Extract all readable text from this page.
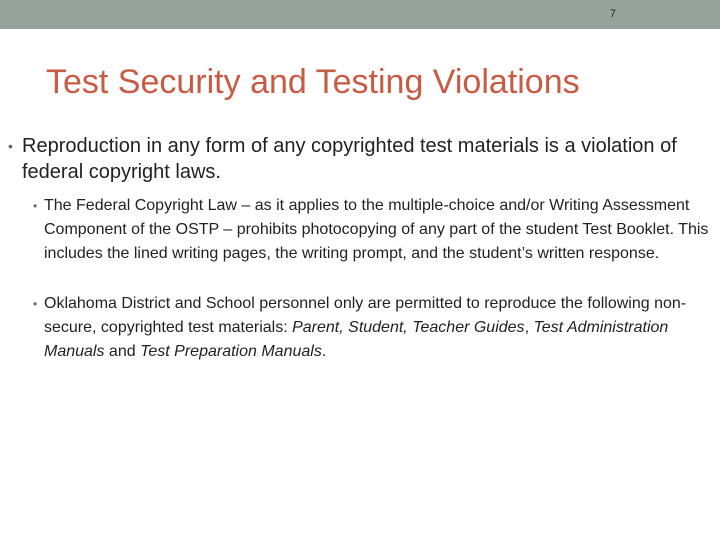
7
Test Security and Testing Violations
• Reproduction in any form of any copyrighted test materials is a violation of federal copyright laws.
• The Federal Copyright Law – as it applies to the multiple-choice and/or Writing Assessment Component of the OSTP – prohibits photocopying of any part of the student Test Booklet. This includes the lined writing pages, the writing prompt, and the student’s written response.
• Oklahoma District and School personnel only are permitted to reproduce the following non-secure, copyrighted test materials: Parent, Student, Teacher Guides, Test Administration Manuals and Test Preparation Manuals.
